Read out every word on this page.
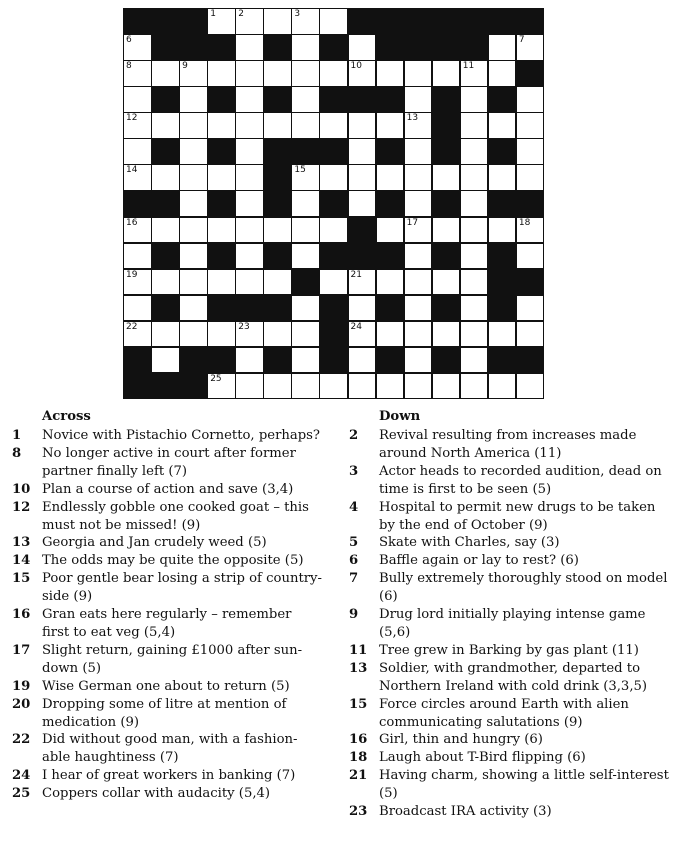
1 2	3
6	7
8	9	10	11
12	13
14	15
16	17	18
19	21
22	23	24
25
Across
1	Novice with Pistachio Cornetto, perhaps?
8	No longer active in court after former partner finally left (7)
10 Plan a course of action and save (3,4)
12 Endlessly gobble one cooked goat – this must not be missed! (9)
13 Georgia and Jan crudely weed (5)
14 The odds may be quite the opposite (5)
15 Poor gentle bear losing a strip of country-side (9)
16 Gran eats here regularly – remember first to eat veg (5,4)
17 Slight return, gaining £1000 after sun-down (5)
19 Wise German one about to return (5)
20 Dropping some of litre at mention of medication (9)
22 Did without good man, with a fashion-able haughtiness (7)
24 I hear of great workers in banking (7)
25 Coppers collar with audacity (5,4)
Down
2	Revival resulting from increases made around North America (11)
3	Actor heads to recorded audition, dead on time is first to be seen (5)
4	Hospital to permit new drugs to be taken by the end of October (9)
5	Skate with Charles, say (3)
6	Baffle again or lay to rest? (6)
7	Bully extremely thoroughly stood on model (6)
9	Drug lord initially playing intense game (5,6)
11 Tree grew in Barking by gas plant (11)
13 Soldier, with grandmother, departed to Northern Ireland with cold drink (3,3,5)
15 Force circles around Earth with alien communicating salutations (9)
16 Girl, thin and hungry (6)
18 Laugh about T-Bird flipping (6)
21 Having charm, showing a little self-interest (5)
23 Broadcast IRA activity (3)
